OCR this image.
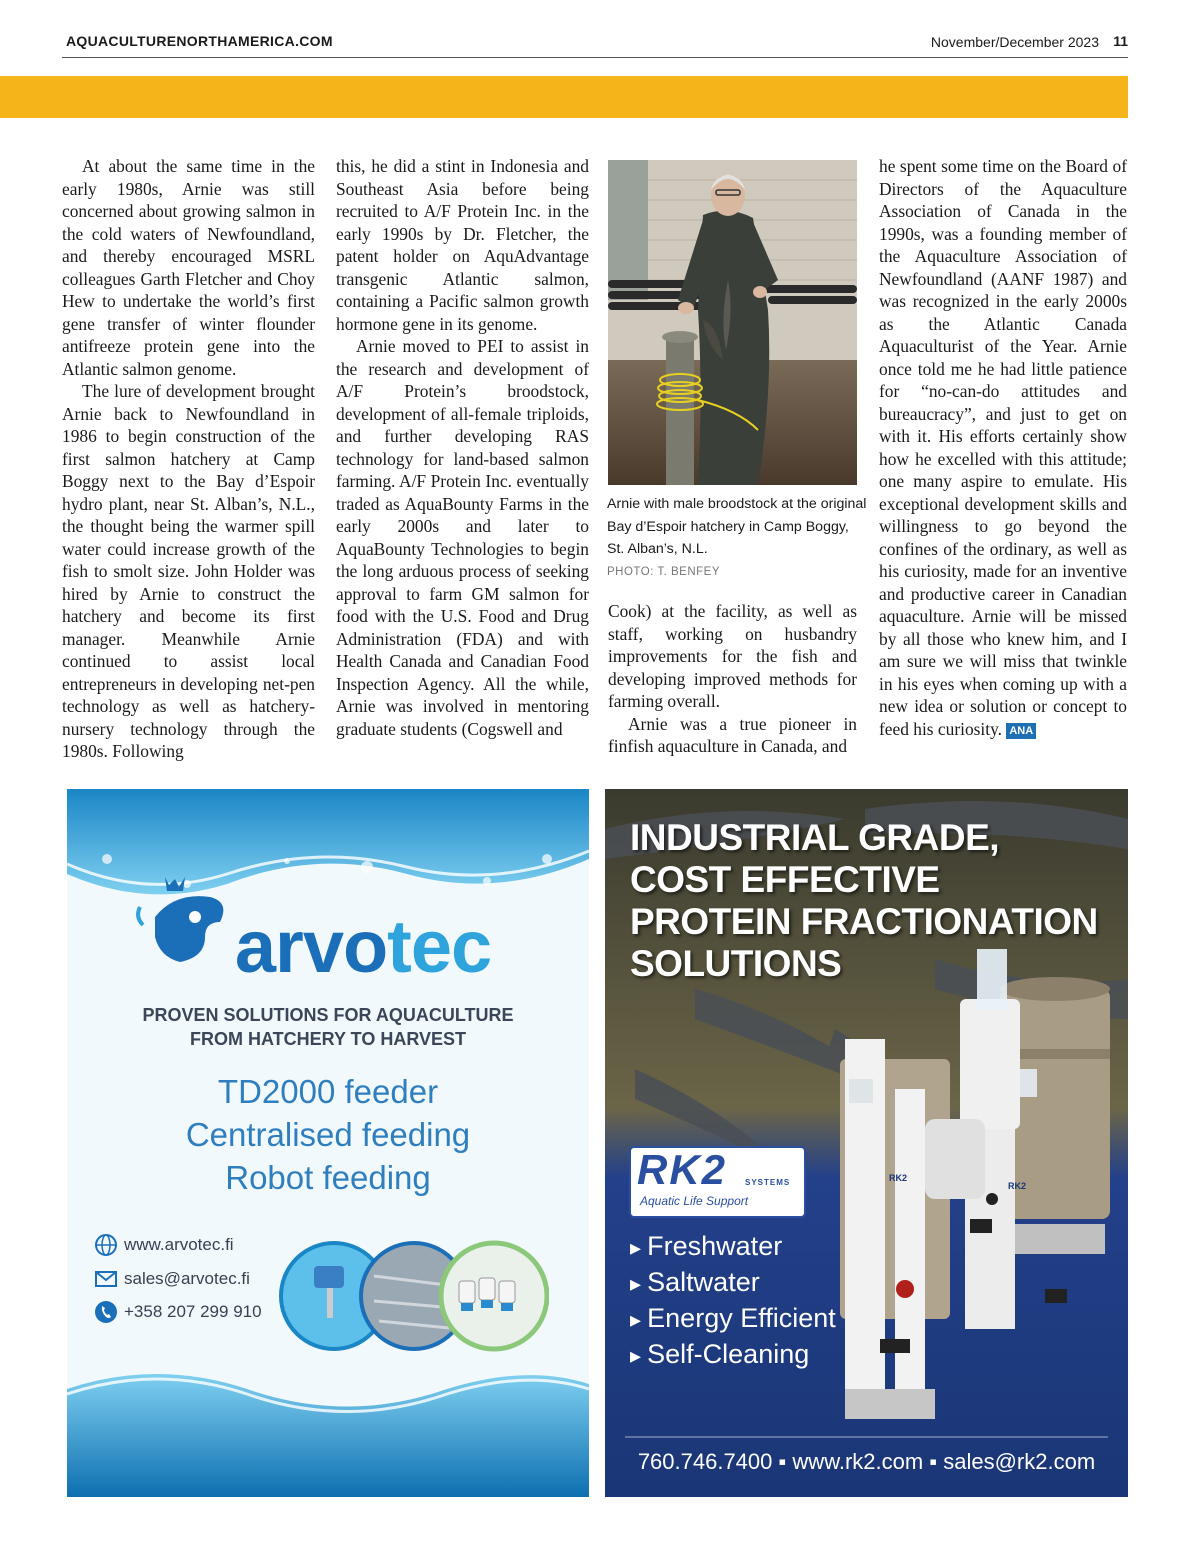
AQUACULTURENORTHAMERICA.COM	November/December 2023 11

At about the same time in the early 1980s, Arnie was still concerned about growing salmon in the cold waters of Newfoundland, and thereby encouraged MSRL colleagues Garth Fletcher and Choy Hew to undertake the world’s first gene transfer of winter flounder antifreeze protein gene into the Atlantic salmon genome.

The lure of development brought Arnie back to Newfoundland in 1986 to begin construction of the first salmon hatchery at Camp Boggy next to the Bay d’Espoir hydro plant, near St. Alban’s, N.L., the thought being the warmer spill water could increase growth of the fish to smolt size. John Holder was hired by Arnie to construct the hatchery and become its first manager. Meanwhile Arnie continued to assist local entrepreneurs in developing net-pen technology as well as hatchery-nursery technology through the 1980s. Following

this, he did a stint in Indonesia and Southeast Asia before being recruited to A/F Protein Inc. in the early 1990s by Dr. Fletcher, the patent holder on AquAdvantage transgenic Atlantic salmon, containing a Pacific salmon growth hormone gene in its genome.

Arnie moved to PEI to assist in the research and development of A/F Protein’s broodstock, development of all-female triploids, and further developing RAS technology for land-based salmon farming. A/F Protein Inc. eventually traded as AquaBounty Farms in the early 2000s and later to AquaBounty Technologies to begin the long arduous process of seeking approval to farm GM salmon for food with the U.S. Food and Drug Administration (FDA) and with Health Canada and Canadian Food Inspection Agency. All the while, Arnie was involved in mentoring graduate students (Cogswell and

Arnie with male broodstock at the original Bay d’Espoir hatchery in Camp Boggy, St. Alban’s, N.L.
PHOTO: T. BENFEY

Cook) at the facility, as well as staff, working on husbandry improvements for the fish and developing improved methods for farming overall.

Arnie was a true pioneer in finfish aquaculture in Canada, and

he spent some time on the Board of Directors of the Aquaculture Association of Canada in the 1990s, was a founding member of the Aquaculture Association of Newfoundland (AANF 1987) and was recognized in the early 2000s as the Atlantic Canada Aquaculturist of the Year. Arnie once told me he had little patience for “no-can-do attitudes and bureaucracy”, and just to get on with it. His efforts certainly show how he excelled with this attitude; one many aspire to emulate. His exceptional development skills and willingness to go beyond the confines of the ordinary, as well as his curiosity, made for an inventive and productive career in Canadian aquaculture. Arnie will be missed by all those who knew him, and I am sure we will miss that twinkle in his eyes when coming up with a new idea or solution or concept to feed his curiosity. ANA

arvotec
PROVEN SOLUTIONS FOR AQUACULTURE
FROM HATCHERY TO HARVEST
TD2000 feeder
Centralised feeding
Robot feeding
www.arvotec.fi
sales@arvotec.fi
+358 207 299 910
RK2 SYSTEMS
Aquatic Life Support
RK2
RK2
INDUSTRIAL GRADE,
COST EFFECTIVE
PROTEIN FRACTIONATION
SOLUTIONS
▸ Freshwater
▸ Saltwater
▸ Energy Efficient
▸ Self-Cleaning
760.746.7400 ▪ www.rk2.com ▪ sales@rk2.com
